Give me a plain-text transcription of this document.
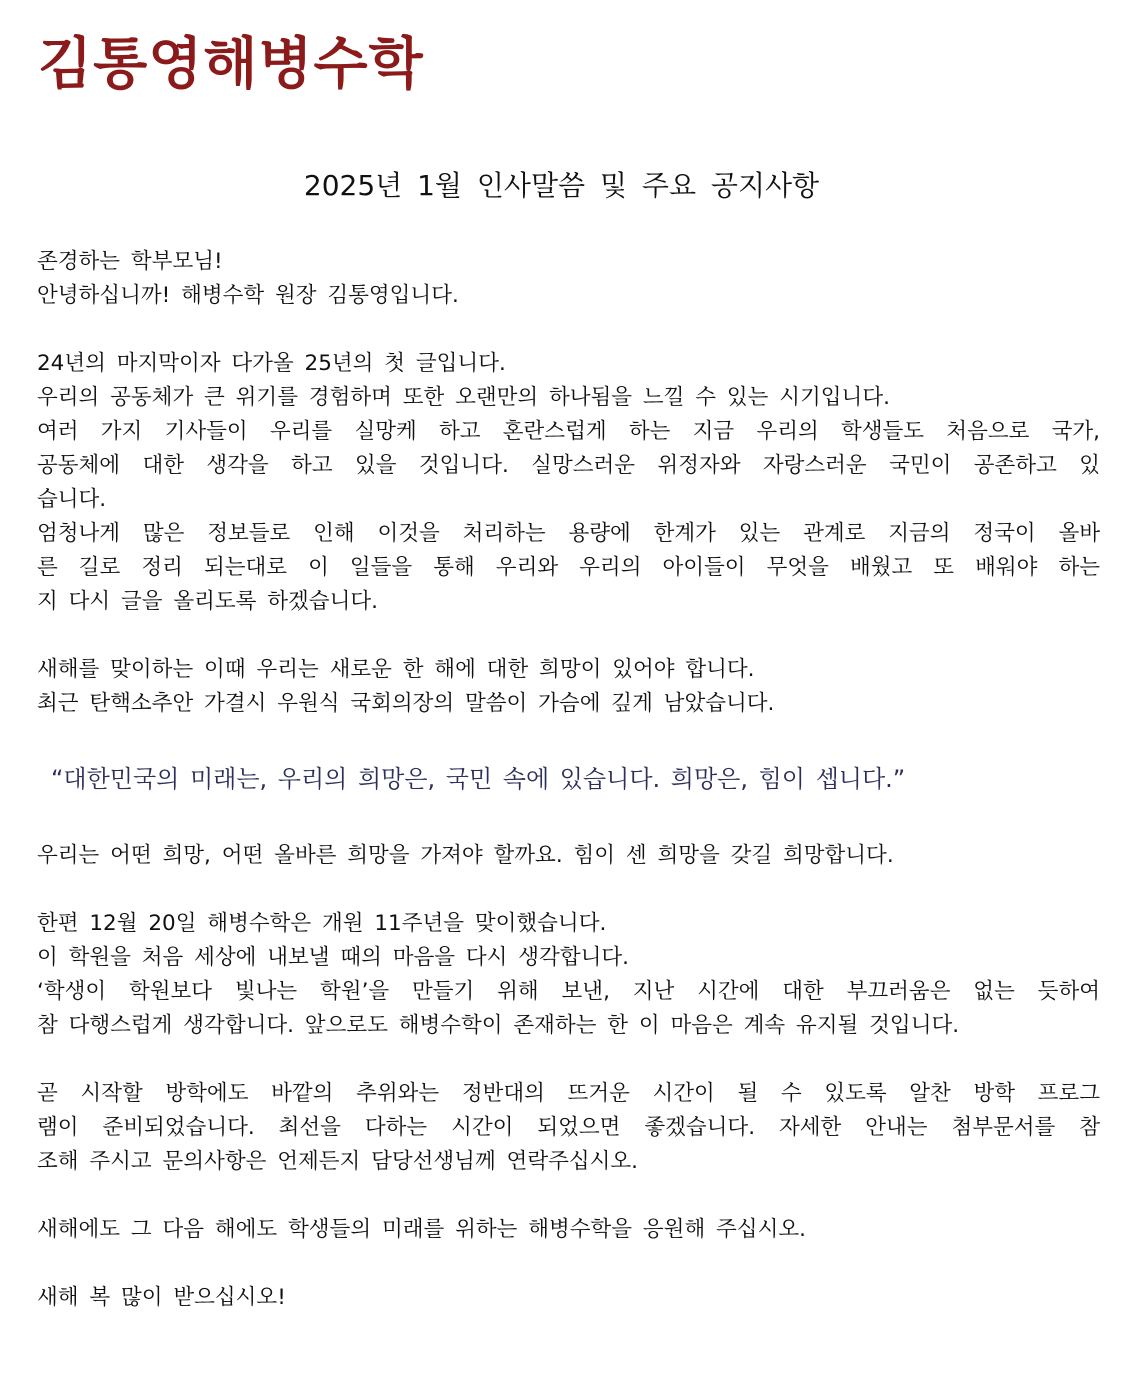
김통영해병수학
2025년 1월 인사말씀 및 주요 공지사항
존경하는 학부모님!
안녕하십니까! 해병수학 원장 김통영입니다.
24년의 마지막이자 다가올 25년의 첫 글입니다.
우리의 공동체가 큰 위기를 경험하며 또한 오랜만의 하나됨을 느낄 수 있는 시기입니다.
여러 가지 기사들이 우리를 실망케 하고 혼란스럽게 하는 지금 우리의 학생들도 처음으로 국가,
공동체에 대한 생각을 하고 있을 것입니다. 실망스러운 위정자와 자랑스러운 국민이 공존하고 있
습니다.
엄청나게 많은 정보들로 인해 이것을 처리하는 용량에 한계가 있는 관계로 지금의 정국이 올바
른 길로 정리 되는대로 이 일들을 통해 우리와 우리의 아이들이 무엇을 배웠고 또 배워야 하는
지 다시 글을 올리도록 하겠습니다.
새해를 맞이하는 이때 우리는 새로운 한 해에 대한 희망이 있어야 합니다.
최근 탄핵소추안 가결시 우원식 국회의장의 말씀이 가슴에 깊게 남았습니다.
“대한민국의 미래는, 우리의 희망은, 국민 속에 있습니다. 희망은, 힘이 셉니다.”
우리는 어떤 희망, 어떤 올바른 희망을 가져야 할까요. 힘이 센 희망을 갖길 희망합니다.
한편 12월 20일 해병수학은 개원 11주년을 맞이했습니다.
이 학원을 처음 세상에 내보낼 때의 마음을 다시 생각합니다.
‘학생이 학원보다 빛나는 학원’을 만들기 위해 보낸, 지난 시간에 대한 부끄러움은 없는 듯하여
참 다행스럽게 생각합니다. 앞으로도 해병수학이 존재하는 한 이 마음은 계속 유지될 것입니다.
곧 시작할 방학에도 바깥의 추위와는 정반대의 뜨거운 시간이 될 수 있도록 알찬 방학 프로그
램이 준비되었습니다. 최선을 다하는 시간이 되었으면 좋겠습니다. 자세한 안내는 첨부문서를 참
조해 주시고 문의사항은 언제든지 담당선생님께 연락주십시오.
새해에도 그 다음 해에도 학생들의 미래를 위하는 해병수학을 응원해 주십시오.
새해 복 많이 받으십시오!
